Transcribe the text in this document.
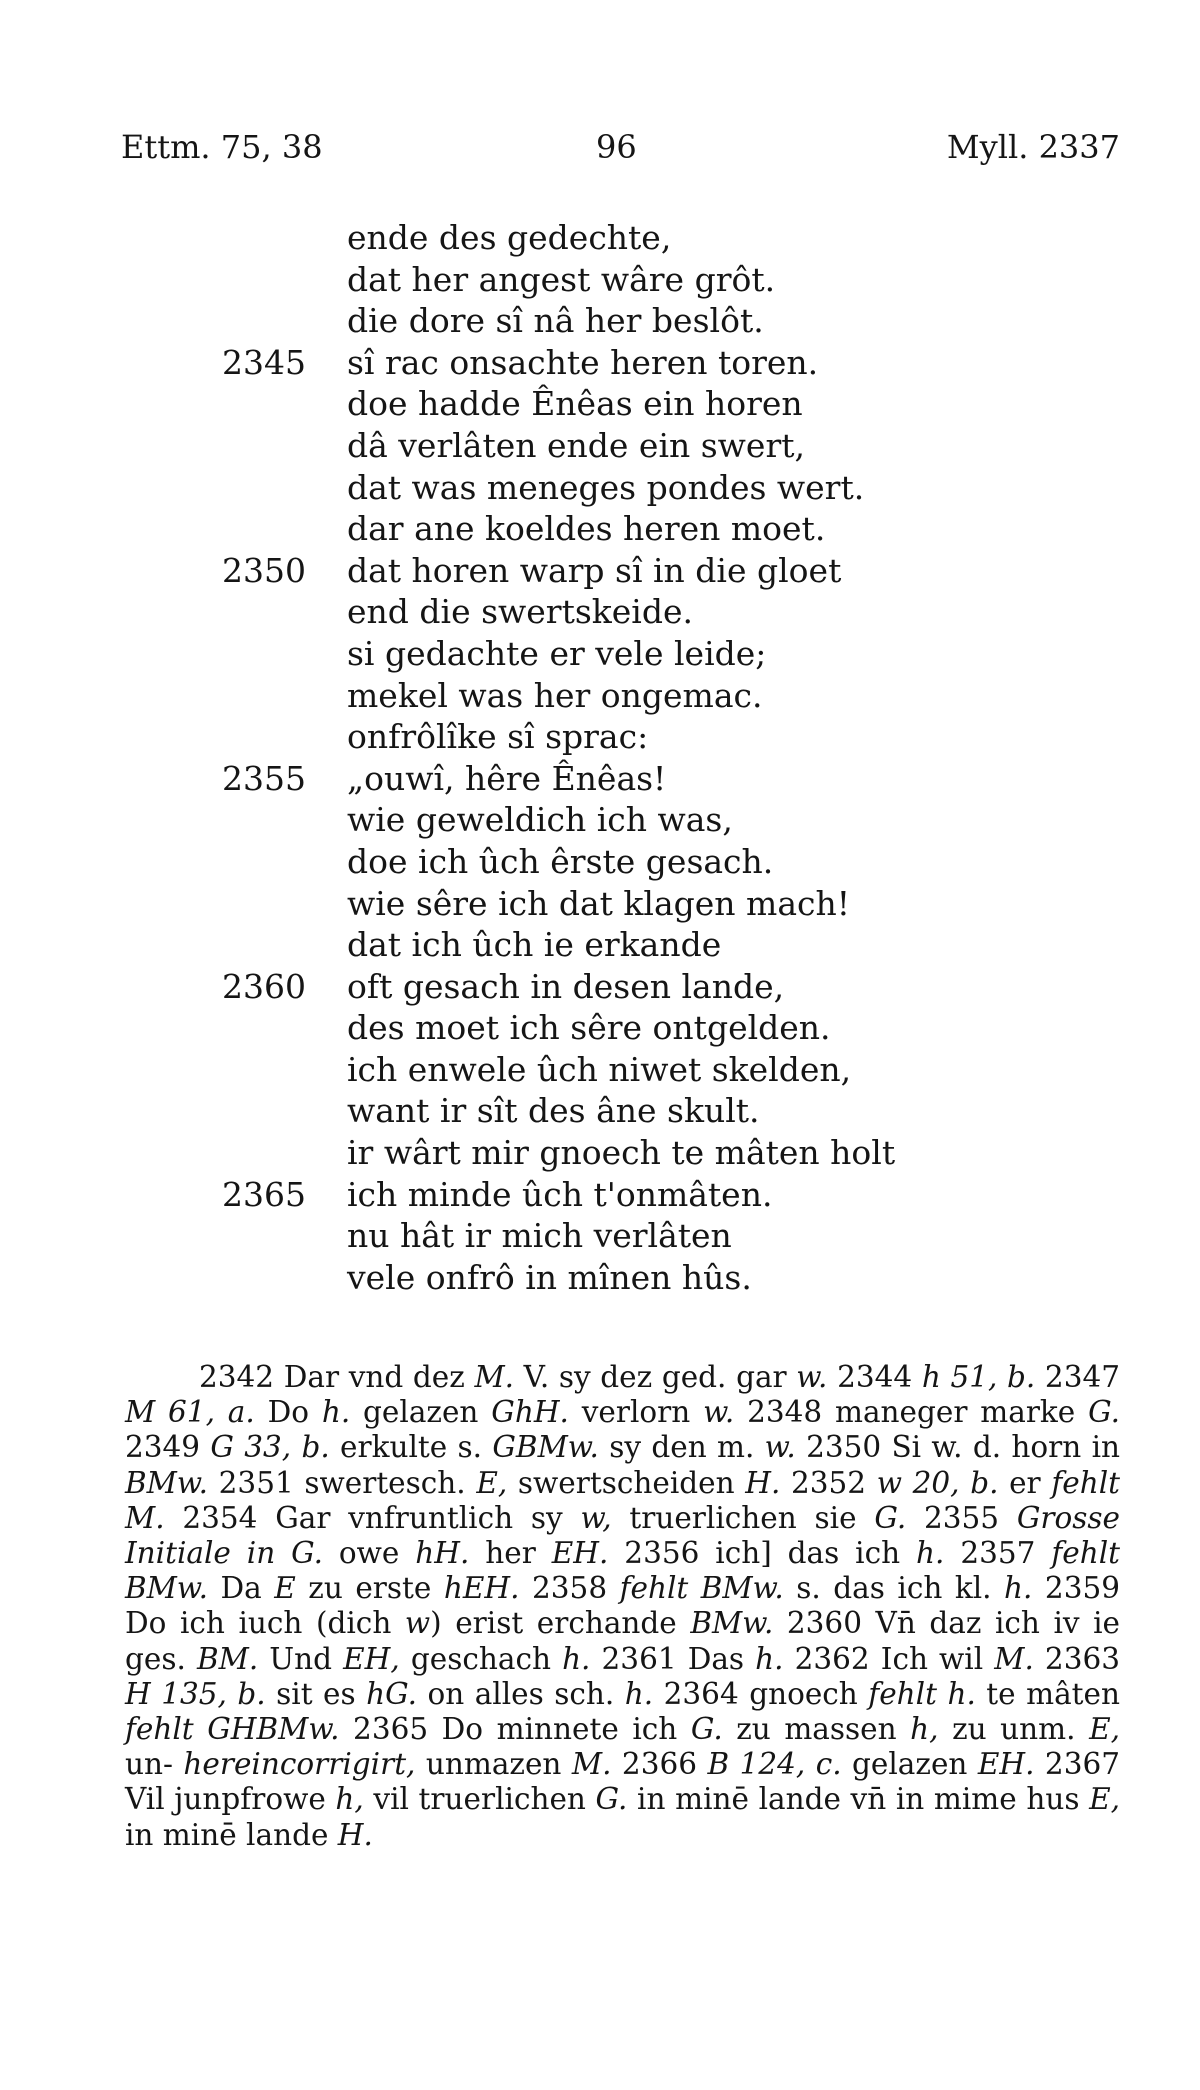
Ettm. 75, 38	96	Myll. 2337
ende des gedechte,
dat her angest wâre grôt.
die dore sî nâ her beslôt.
2345 sî rac onsachte heren toren.
doe hadde Ênêas ein horen
dâ verlâten ende ein swert,
dat was meneges pondes wert.
dar ane koeldes heren moet.
2350 dat horen warp sî in die gloet
end die swertskeide.
si gedachte er vele leide;
mekel was her ongemac.
onfrôlîke sî sprac:
2355 „ouwî, hêre Ênêas!
wie geweldich ich was,
doe ich ûch êrste gesach.
wie sêre ich dat klagen mach!
dat ich ûch ie erkande
2360 oft gesach in desen lande,
des moet ich sêre ontgelden.
ich enwele ûch niwet skelden,
want ir sît des âne skult.
ir wârt mir gnoech te mâten holt
2365 ich minde ûch t'onmâten.
nu hât ir mich verlâten
vele onfrô in mînen hûs.
2342 Dar vnd dez M. V. sy dez ged. gar w. 2344 h 51, b. 2347 M 61, a. Do h. gelazen GhH. verlorn w. 2348 maneger marke G. 2349 G 33, b. erkulte s. GBMw. sy den m. w. 2350 Si w. d. horn in BMw. 2351 swertesch. E, swertscheiden H. 2352 w 20, b. er fehlt M. 2354 Gar vnfruntlich sy w, truerlichen sie G. 2355 Grosse Initiale in G. owe hH. her EH. 2356 ich] das ich h. 2357 fehlt BMw. Da E zu erste hEH. 2358 fehlt BMw. s. das ich kl. h. 2359 Do ich iuch (dich w) erist erchande BMw. 2360 Vn̄ daz ich iv ie ges. BM. Und EH, geschach h. 2361 Das h. 2362 Ich wil M. 2363 H 135, b. sit es hG. on alles sch. h. 2364 gnoech fehlt h. te mâten fehlt GHBMw. 2365 Do minnete ich G. zu massen h, zu unm. E, un- hereincorrigirt, unmazen M. 2366 B 124, c. gelazen EH. 2367 Vil junpfrowe h, vil truerlichen G. in minē lande vn̄ in mime hus E, in minē lande H.
